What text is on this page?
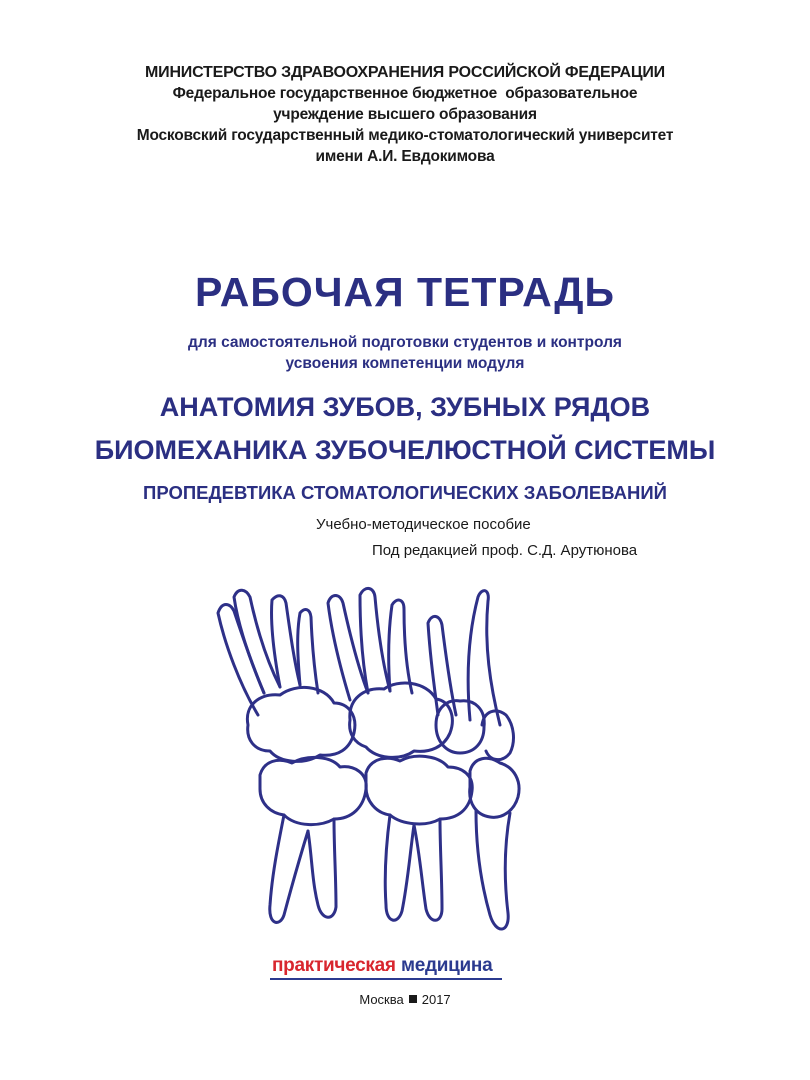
МИНИСТЕРСТВО ЗДРАВООХРАНЕНИЯ РОССИЙСКОЙ ФЕДЕРАЦИИ
Федеральное государственное бюджетное  образовательное
учреждение высшего образования
Московский государственный медико-стоматологический университет
имени А.И. Евдокимова
РАБОЧАЯ ТЕТРАДЬ
для самостоятельной подготовки студентов и контроля
усвоения компетенции модуля
АНАТОМИЯ ЗУБОВ, ЗУБНЫХ РЯДОВ
БИОМЕХАНИКА ЗУБОЧЕЛЮСТНОЙ СИСТЕМЫ
ПРОПЕДЕВТИКА СТОМАТОЛОГИЧЕСКИХ ЗАБОЛЕВАНИЙ
Учебно-методическое пособие
Под редакцией проф. С.Д. Арутюнова
практическая медицина
Москва 2017
